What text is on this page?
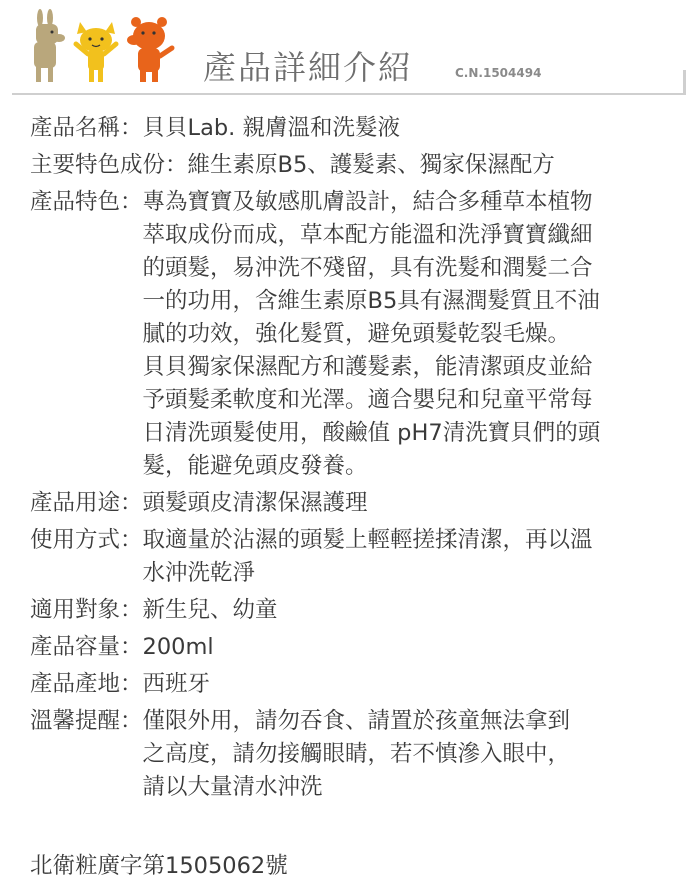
產品詳細介紹	C.N.1504494
產品名稱 ： 貝貝Lab. 親膚溫和洗髮液
主要特色成份 ： 維生素原B5、護髮素、獨家保濕配方
產品特色 ： 專為寶寶及敏感肌膚設計，結合多種草本植物
萃取成份而成，草本配方能溫和洗淨寶寶纖細
的頭髮，易沖洗不殘留，具有洗髮和潤髮二合
一的功用，含維生素原B5具有濕潤髮質且不油
膩的功效，強化髮質，避免頭髮乾裂毛燥。
貝貝獨家保濕配方和護髮素，能清潔頭皮並給
予頭髮柔軟度和光澤。適合嬰兒和兒童平常每
日清洗頭髮使用，酸鹼值 pH7清洗寶貝們的頭
髮，能避免頭皮發養。
產品用途 ： 頭髮頭皮清潔保濕護理
使用方式 ： 取適量於沾濕的頭髮上輕輕搓揉清潔，再以溫
水沖洗乾淨
適用對象 ： 新生兒、幼童
產品容量 ： 200ml
產品產地 ： 西班牙
溫馨提醒 ： 僅限外用，請勿吞食、請置於孩童無法拿到
之高度，請勿接觸眼睛，若不慎滲入眼中，
請以大量清水沖洗
北衛粧廣字第1505062號
